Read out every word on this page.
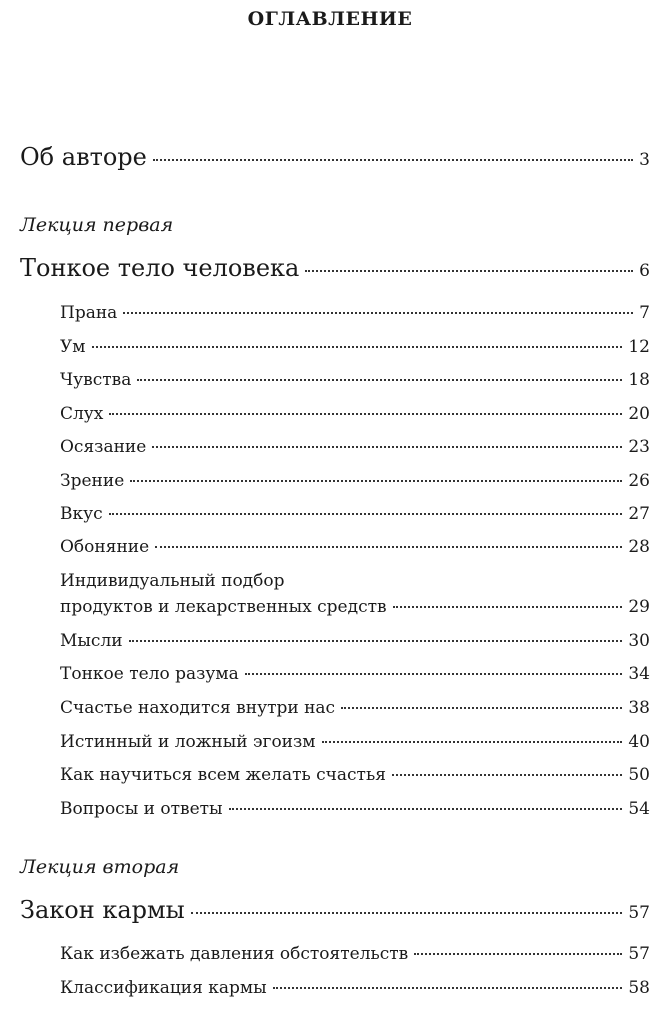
ОГЛАВЛЕНИЕ
Об авторе	3
Лекция первая
Тонкое тело человека	6
Прана	7
Ум	12
Чувства	18
Слух	20
Осязание	23
Зрение	26
Вкус	27
Обоняние	28
Индивидуальный подбор
продуктов и лекарственных средств	29
Мысли	30
Тонкое тело разума	34
Счастье находится внутри нас	38
Истинный и ложный эгоизм	40
Как научиться всем желать счастья	50
Вопросы и ответы	54
Лекция вторая
Закон кармы	57
Как избежать давления обстоятельств	57
Классификация кармы	58
